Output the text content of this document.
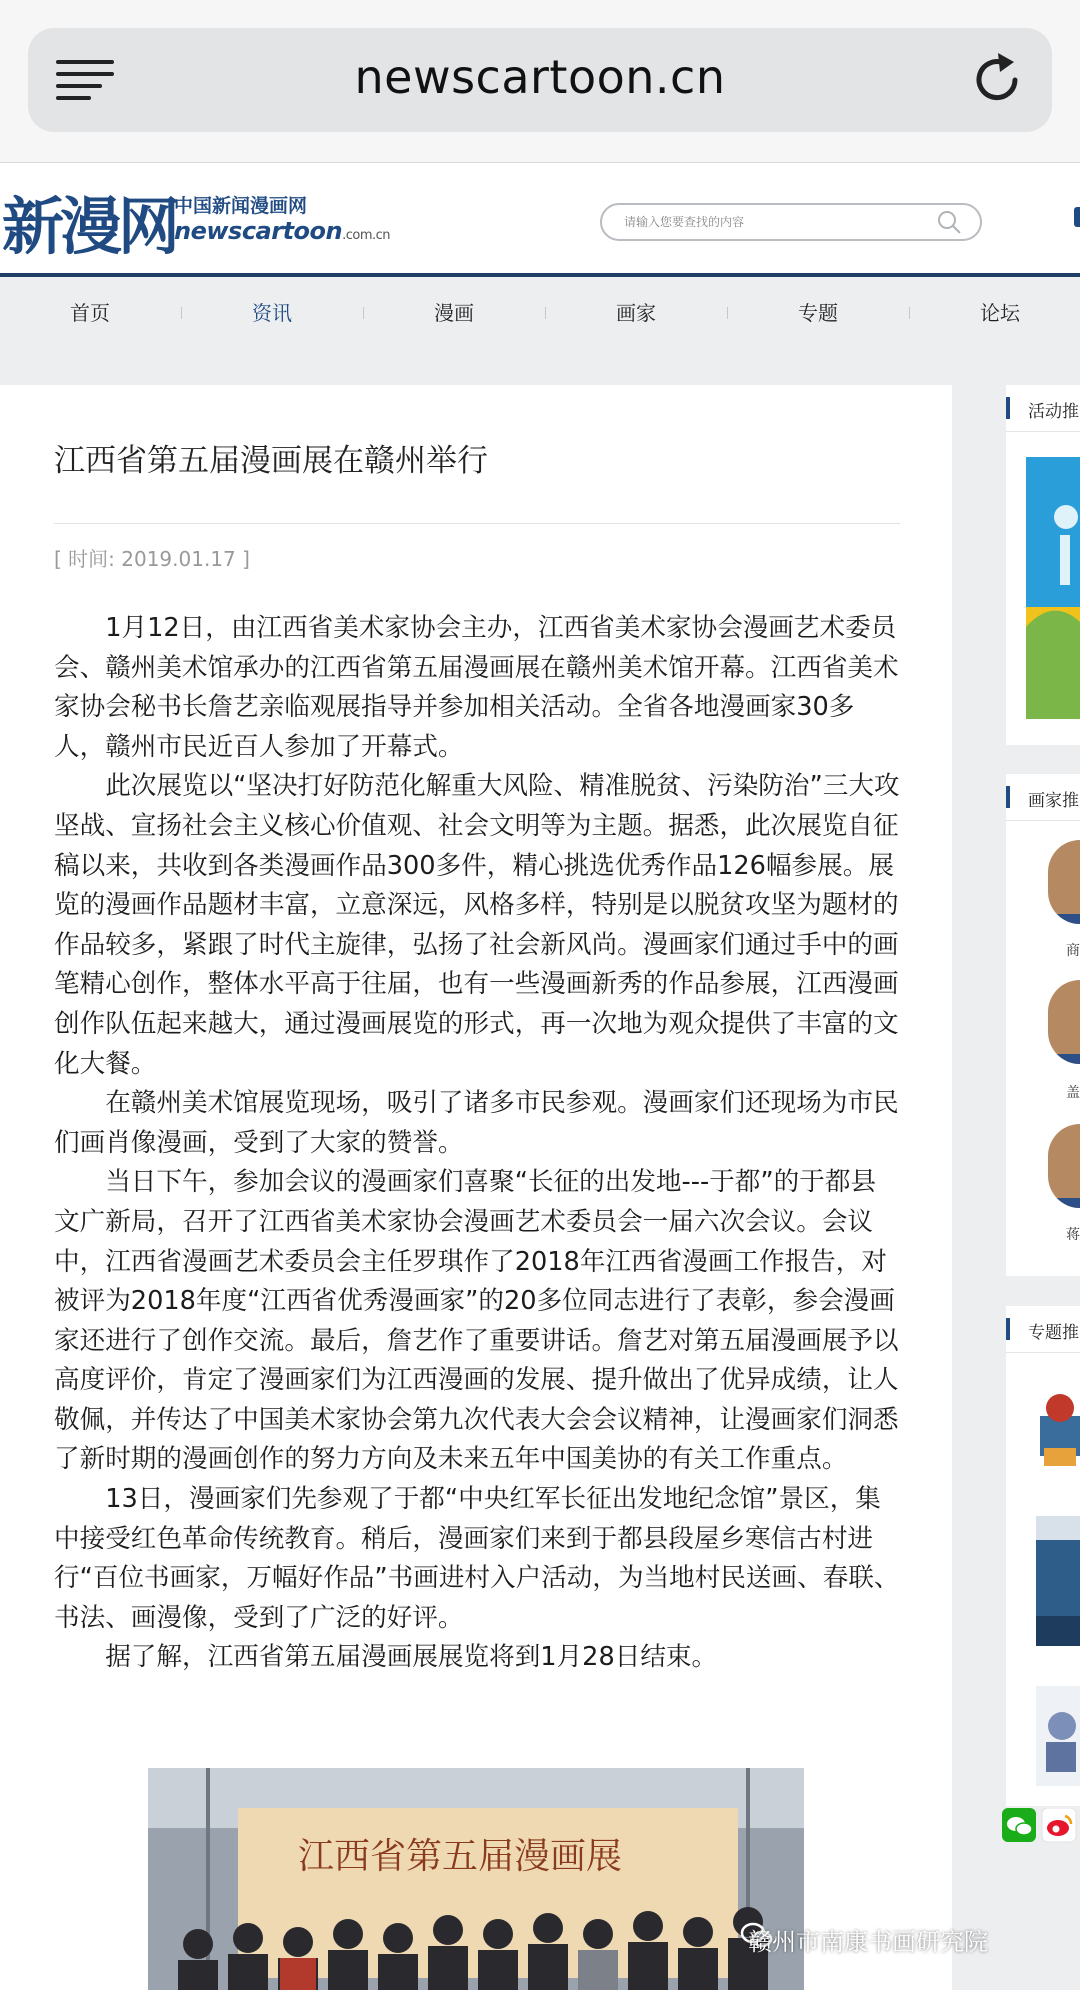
newscartoon.cn
新漫网
中国新闻漫画网
newscartoon.com.cn
请输入您要查找的内容
首页	资讯	漫画	画家	专题	论坛
江西省第五届漫画展在赣州举行
[ 时间: 2019.01.17 ]

1月12日，由江西省美术家协会主办，江西省美术家协会漫画艺术委员会、赣州美术馆承办的江西省第五届漫画展在赣州美术馆开幕。江西省美术家协会秘书长詹艺亲临观展指导并参加相关活动。全省各地漫画家30多人，赣州市民近百人参加了开幕式。

此次展览以“坚决打好防范化解重大风险、精准脱贫、污染防治”三大攻坚战、宣扬社会主义核心价值观、社会文明等为主题。据悉，此次展览自征稿以来，共收到各类漫画作品300多件，精心挑选优秀作品126幅参展。展览的漫画作品题材丰富，立意深远，风格多样，特别是以脱贫攻坚为题材的作品较多，紧跟了时代主旋律，弘扬了社会新风尚。漫画家们通过手中的画笔精心创作，整体水平高于往届，也有一些漫画新秀的作品参展，江西漫画创作队伍起来越大，通过漫画展览的形式，再一次地为观众提供了丰富的文化大餐。

在赣州美术馆展览现场，吸引了诸多市民参观。漫画家们还现场为市民们画肖像漫画，受到了大家的赞誉。

当日下午，参加会议的漫画家们喜聚“长征的出发地---于都”的于都县文广新局，召开了江西省美术家协会漫画艺术委员会一届六次会议。会议中，江西省漫画艺术委员会主任罗琪作了2018年江西省漫画工作报告，对被评为2018年度“江西省优秀漫画家”的20多位同志进行了表彰，参会漫画家还进行了创作交流。最后，詹艺作了重要讲话。詹艺对第五届漫画展予以高度评价，肯定了漫画家们为江西漫画的发展、提升做出了优异成绩，让人敬佩，并传达了中国美术家协会第九次代表大会会议精神，让漫画家们洞悉了新时期的漫画创作的努力方向及未来五年中国美协的有关工作重点。

13日，漫画家们先参观了于都“中央红军长征出发地纪念馆”景区，集中接受红色革命传统教育。稍后，漫画家们来到于都县段屋乡寒信古村进行“百位书画家，万幅好作品”书画进村入户活动，为当地村民送画、春联、书法、画漫像，受到了广泛的好评。

据了解，江西省第五届漫画展展览将到1月28日结束。

江西省第五届漫画展
活动推
画家推
商
盖
蒋
专题推
赣州市南康书画研究院
